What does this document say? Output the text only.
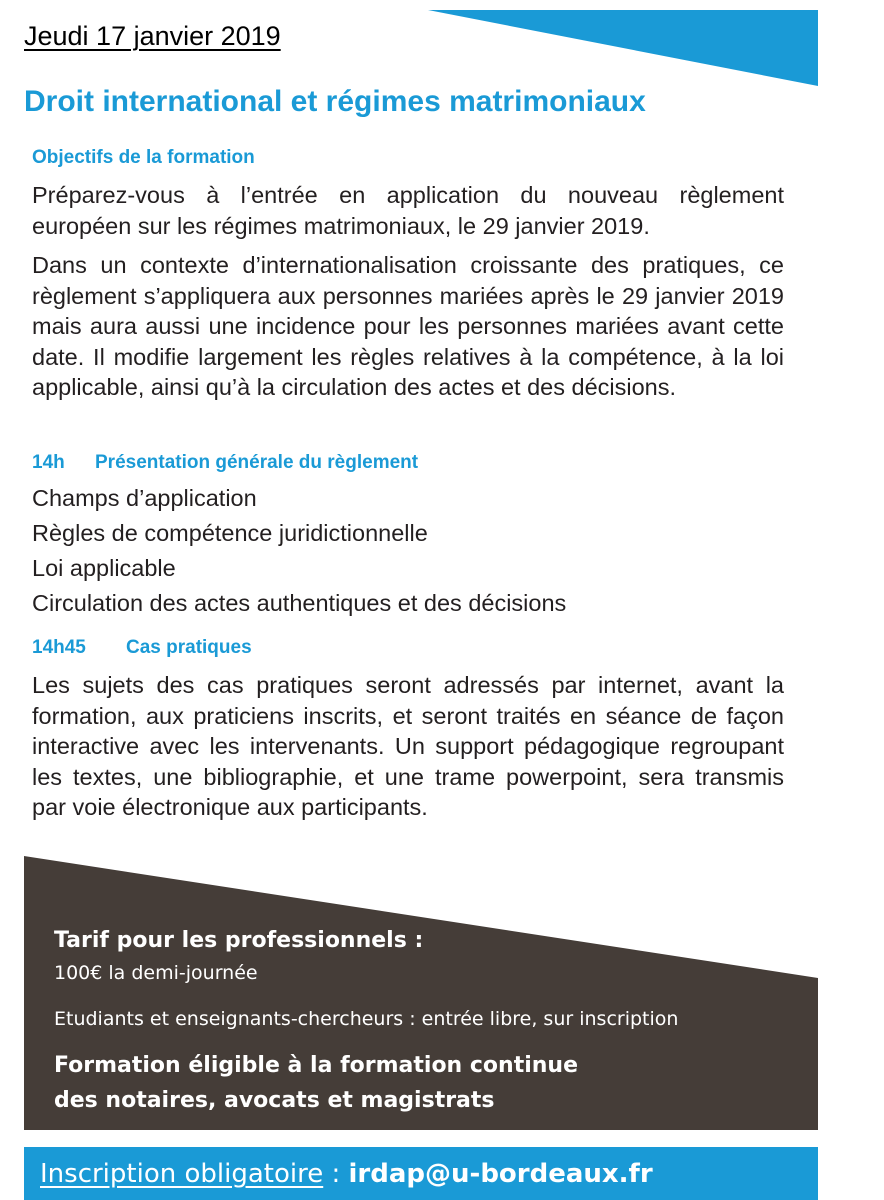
Jeudi 17 janvier 2019
Droit international et régimes matrimoniaux
Objectifs de la formation

Préparez-vous à l’entrée en application du nouveau règlement européen sur les régimes matrimoniaux, le 29 janvier 2019.

Dans un contexte d’internationalisation croissante des pratiques, ce règlement s’appliquera aux personnes mariées après le 29 janvier 2019 mais aura aussi une incidence pour les personnes mariées avant cette date. Il modifie largement les règles relatives à la compétence, à la loi applicable, ainsi qu’à la circulation des actes et des décisions.

14h Présentation générale du règlement
Champs d’application
Règles de compétence juridictionnelle
Loi applicable
Circulation des actes authentiques et des décisions
14h45 Cas pratiques

Les sujets des cas pratiques seront adressés par internet, avant la formation, aux praticiens inscrits, et seront traités en séance de façon interactive avec les intervenants. Un support pédagogique regroupant les textes, une bibliographie, et une trame powerpoint, sera transmis par voie électronique aux participants.

Tarif pour les professionnels :
100€ la demi-journée
Etudiants et enseignants-chercheurs : entrée libre, sur inscription
Formation éligible à la formation continue
des notaires, avocats et magistrats
Inscription obligatoire : irdap@u-bordeaux.fr
